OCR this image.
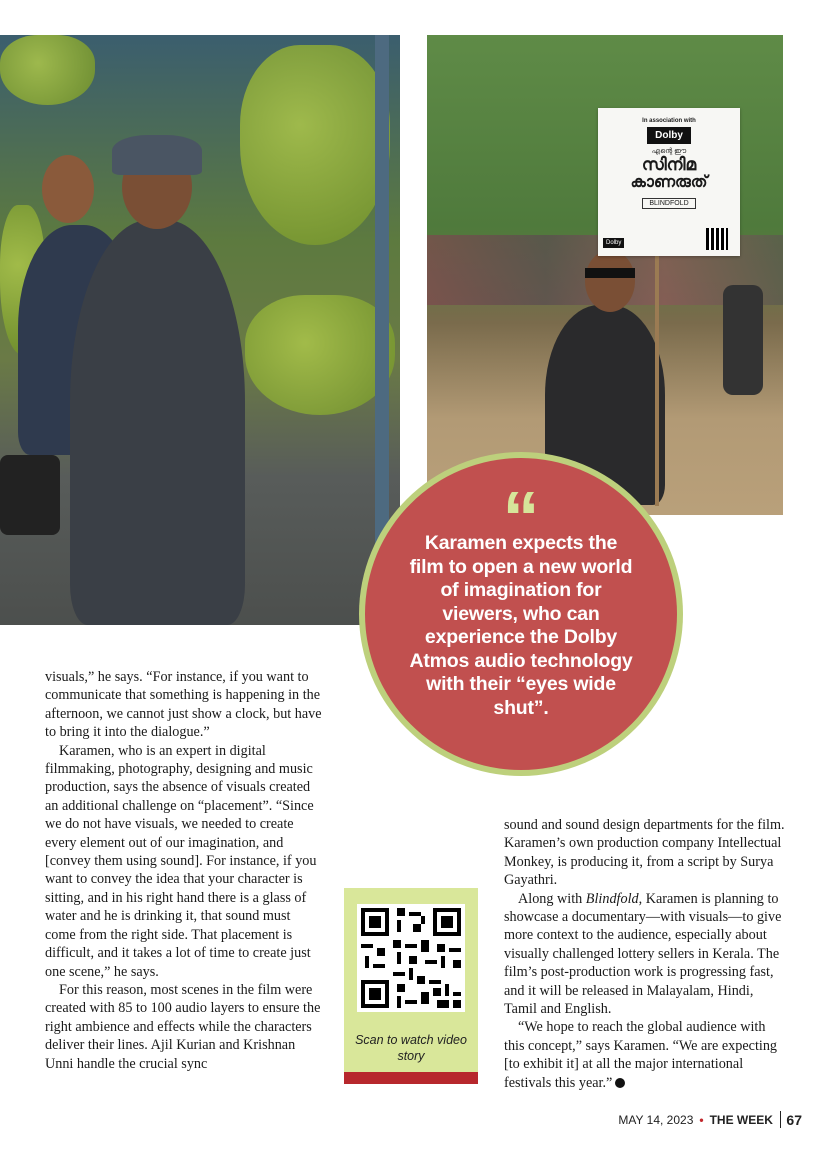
In association with
Dolby
എന്റെ ഈ
സിനിമ
കാണരുത്
BLINDFOLD
Dolby
“
Karamen expects the film to open a new world of imagination for viewers, who can experience the Dolby Atmos audio technology with their “eyes wide shut”.

visuals,” he says. “For instance, if you want to communicate that something is happening in the afternoon, we cannot just show a clock, but have to bring it into the dialogue.”

Karamen, who is an expert in digital filmmaking, photography, designing and music production, says the absence of visuals created an additional challenge on “placement”. “Since we do not have visuals, we needed to create every element out of our imagination, and [convey them using sound]. For instance, if you want to convey the idea that your character is sitting, and in his right hand there is a glass of water and he is drinking it, that sound must come from the right side. That placement is difficult, and it takes a lot of time to create just one scene,” he says.

For this reason, most scenes in the film were created with 85 to 100 audio layers to ensure the right ambience and effects while the characters deliver their lines. Ajil Kurian and Krishnan Unni handle the crucial sync

Scan to watch video story

sound and sound design departments for the film. Karamen’s own production company Intellectual Monkey, is producing it, from a script by Surya Gayathri.

Along with Blindfold, Karamen is planning to showcase a documentary—with visuals—to give more context to the audience, especially about visually challenged lottery sellers in Kerala. The film’s post-production work is progressing fast, and it will be released in Malayalam, Hindi, Tamil and English.

“We hope to reach the global audience with this concept,” says Karamen. “We are expecting [to exhibit it] at all the major international festivals this year.”

MAY 14, 2023 • THE WEEK 67
